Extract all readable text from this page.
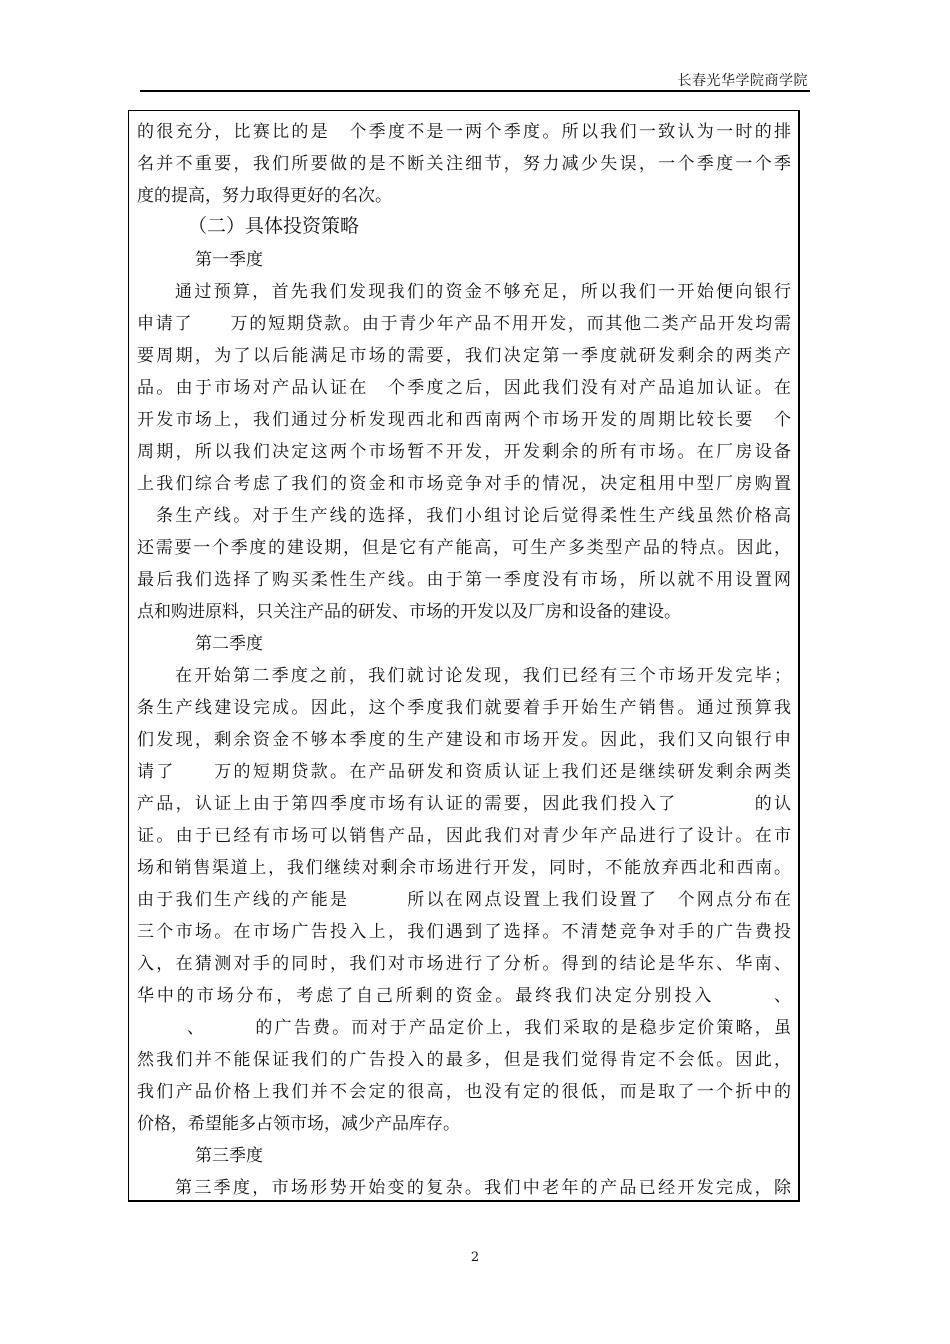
长春光华学院商学院
的很充分，比赛比的是　个季度不是一两个季度。所以我们一致认为一时的排
名并不重要，我们所要做的是不断关注细节，努力减少失误，一个季度一个季
度的提高，努力取得更好的名次。
（二）具体投资策略
第一季度
通过预算，首先我们发现我们的资金不够充足，所以我们一开始便向银行
申请了　　万的短期贷款。由于青少年产品不用开发，而其他二类产品开发均需
要周期，为了以后能满足市场的需要，我们决定第一季度就研发剩余的两类产
品。由于市场对产品认证在　个季度之后，因此我们没有对产品追加认证。在
开发市场上，我们通过分析发现西北和西南两个市场开发的周期比较长要　个
周期，所以我们决定这两个市场暂不开发，开发剩余的所有市场。在厂房设备
上我们综合考虑了我们的资金和市场竞争对手的情况，决定租用中型厂房购置
条生产线。对于生产线的选择，我们小组讨论后觉得柔性生产线虽然价格高
还需要一个季度的建设期，但是它有产能高，可生产多类型产品的特点。因此，
最后我们选择了购买柔性生产线。由于第一季度没有市场，所以就不用设置网
点和购进原料，只关注产品的研发、市场的开发以及厂房和设备的建设。
第二季度
在开始第二季度之前，我们就讨论发现，我们已经有三个市场开发完毕；
条生产线建设完成。因此，这个季度我们就要着手开始生产销售。通过预算我
们发现，剩余资金不够本季度的生产建设和市场开发。因此，我们又向银行申
请了　　万的短期贷款。在产品研发和资质认证上我们还是继续研发剩余两类
产品，认证上由于第四季度市场有认证的需要，因此我们投入了　　　　的认
证。由于已经有市场可以销售产品，因此我们对青少年产品进行了设计。在市
场和销售渠道上，我们继续对剩余市场进行开发，同时，不能放弃西北和西南。
由于我们生产线的产能是　　　所以在网点设置上我们设置了　个网点分布在
三个市场。在市场广告投入上，我们遇到了选择。不清楚竞争对手的广告费投
入，在猜测对手的同时，我们对市场进行了分析。得到的结论是华东、华南、
华中的市场分布，考虑了自己所剩的资金。最终我们决定分别投入　　　、
、　　　的广告费。而对于产品定价上，我们采取的是稳步定价策略，虽
然我们并不能保证我们的广告投入的最多，但是我们觉得肯定不会低。因此，
我们产品价格上我们并不会定的很高，也没有定的很低，而是取了一个折中的
价格，希望能多占领市场，减少产品库存。
第三季度
第三季度，市场形势开始变的复杂。我们中老年的产品已经开发完成，除
2
